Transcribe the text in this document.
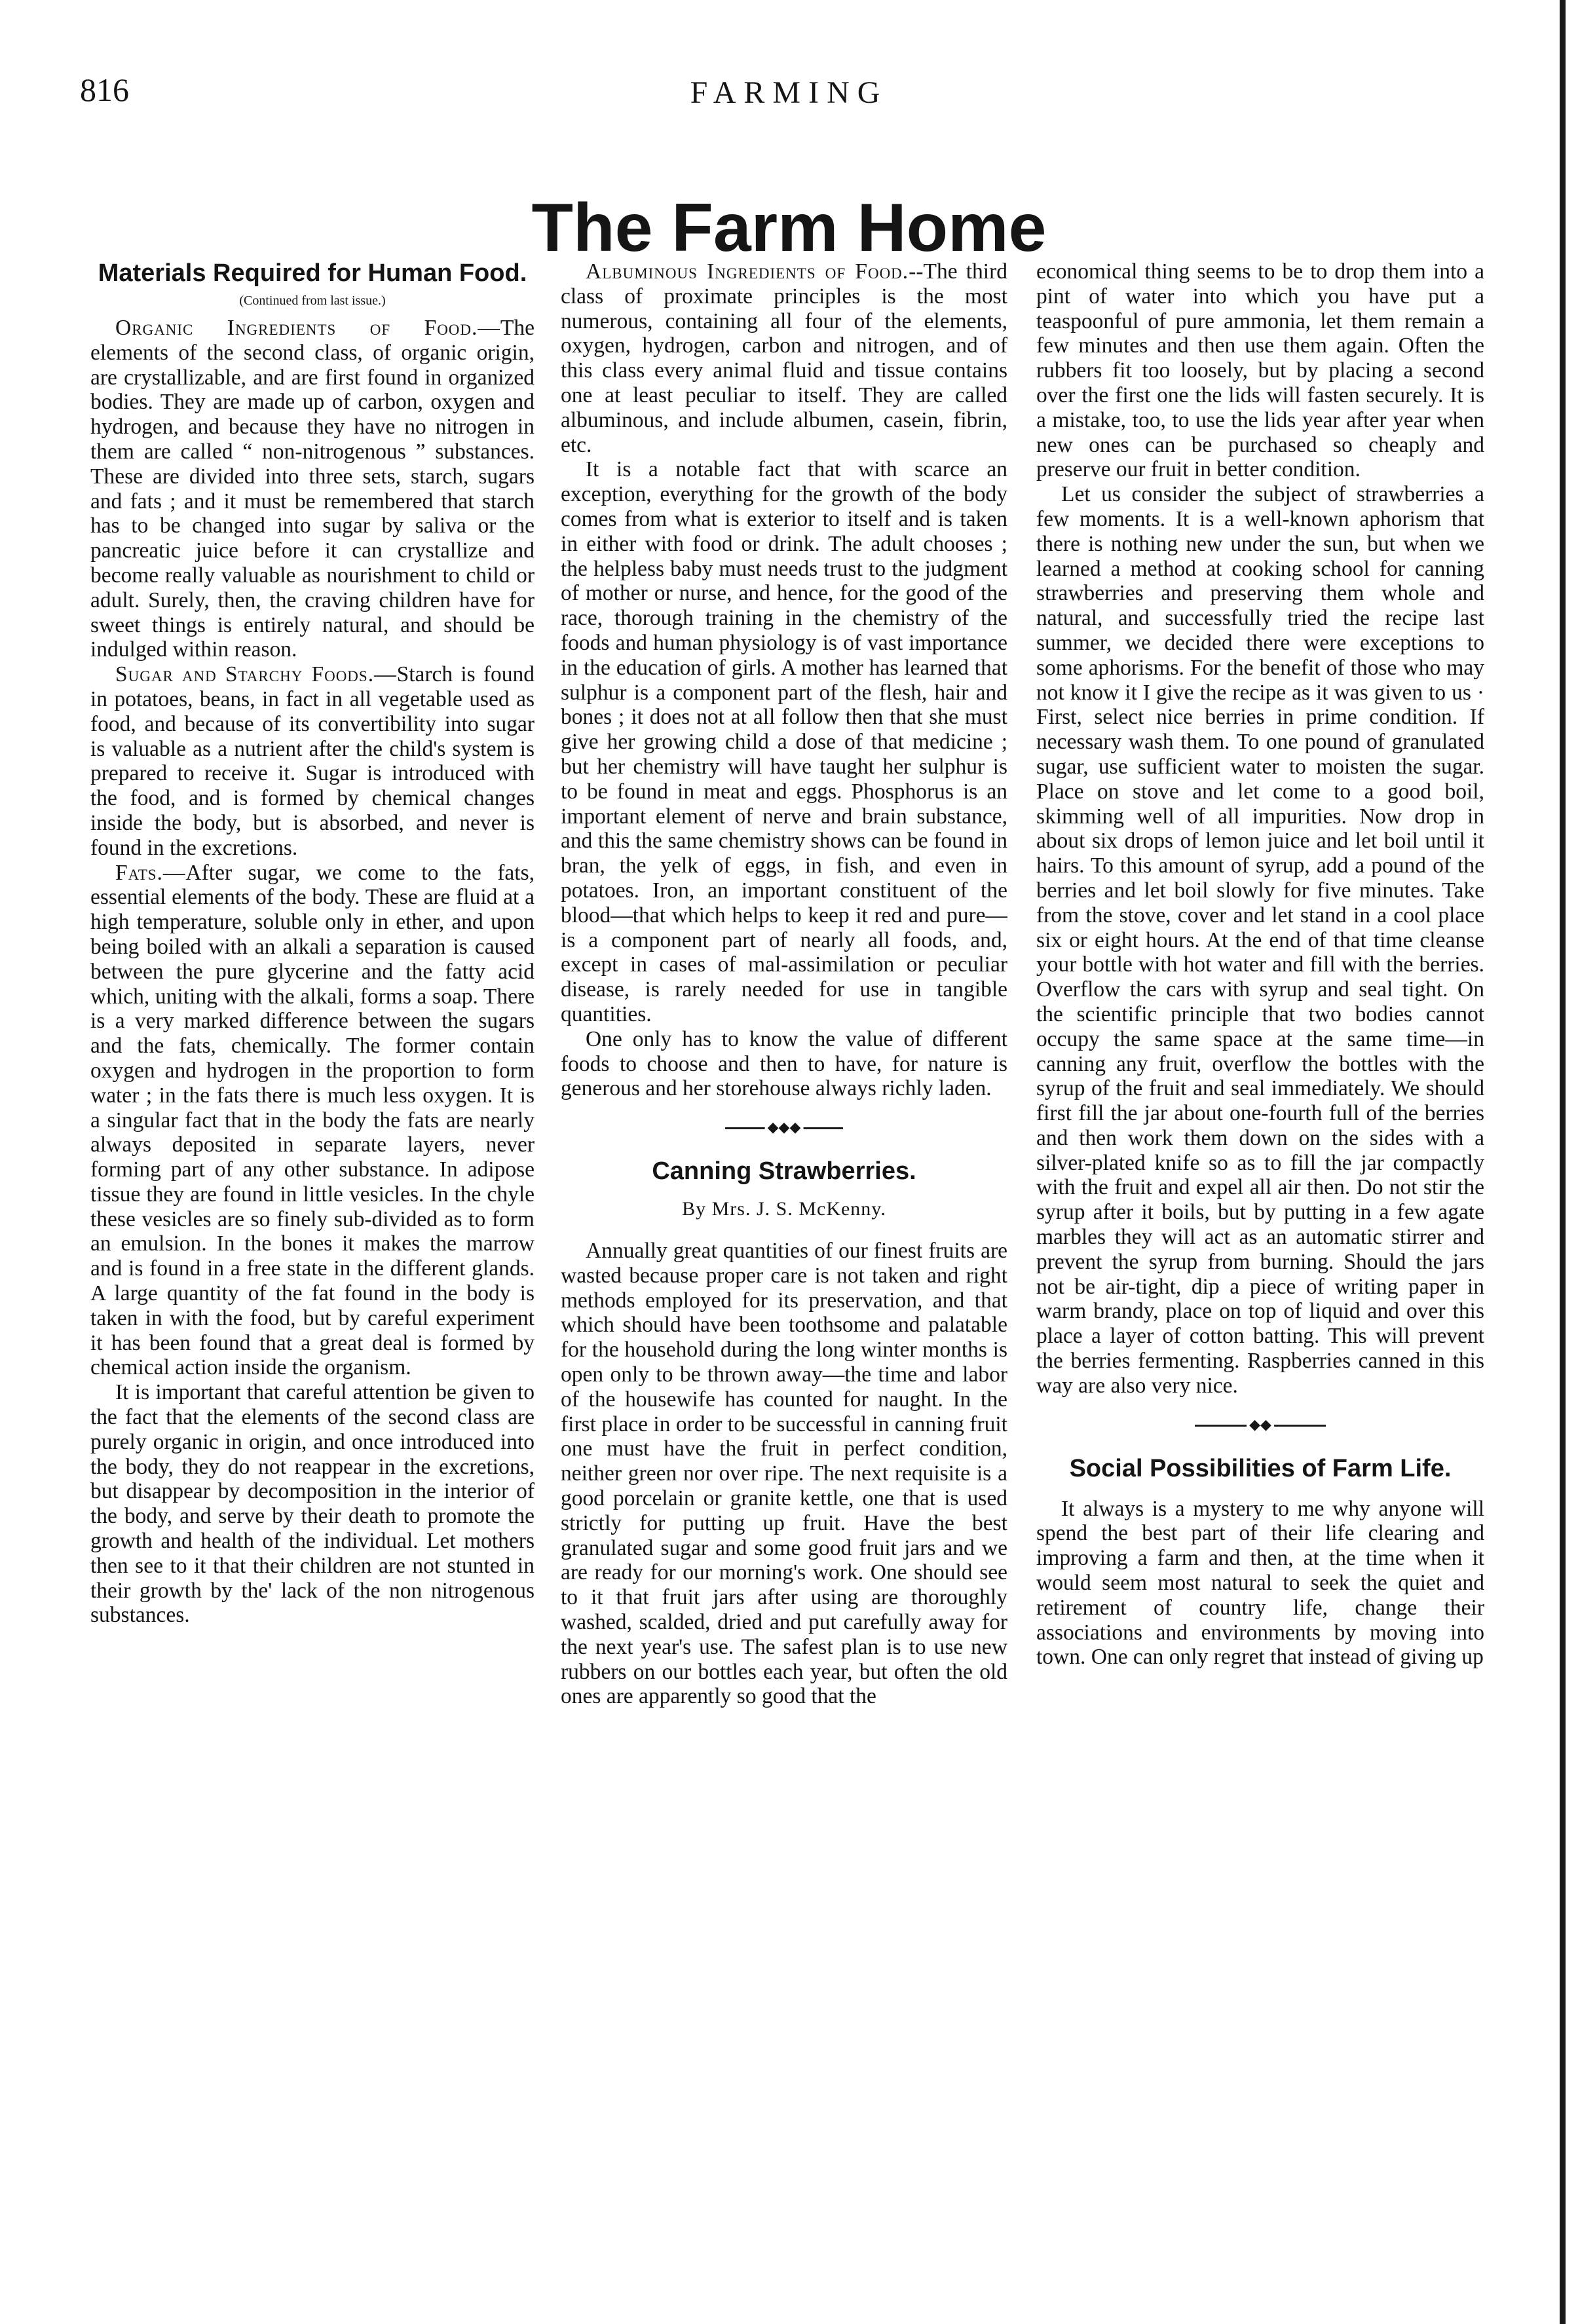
816	FARMING
The Farm Home
Materials Required for Human Food.
(Continued from last issue.)

Organic Ingredients of Food.—The elements of the second class, of organic origin, are crystallizable, and are first found in organized bodies. They are made up of carbon, oxygen and hydrogen, and because they have no nitrogen in them are called “ non-nitrogenous ” substances. These are divided into three sets, starch, sugars and fats ; and it must be remembered that starch has to be changed into sugar by saliva or the pancreatic juice before it can crystallize and become really valuable as nourishment to child or adult. Surely, then, the craving children have for sweet things is entirely natural, and should be indulged within reason.

Sugar and Starchy Foods.—Starch is found in potatoes, beans, in fact in all vegetable used as food, and because of its convertibility into sugar is valuable as a nutrient after the child's system is prepared to receive it. Sugar is introduced with the food, and is formed by chemical changes inside the body, but is absorbed, and never is found in the excretions.

Fats.—After sugar, we come to the fats, essential elements of the body. These are fluid at a high temperature, soluble only in ether, and upon being boiled with an alkali a separation is caused between the pure glycerine and the fatty acid which, uniting with the alkali, forms a soap. There is a very marked difference between the sugars and the fats, chemically. The former contain oxygen and hydrogen in the proportion to form water ; in the fats there is much less oxygen. It is a singular fact that in the body the fats are nearly always deposited in separate layers, never forming part of any other substance. In adipose tissue they are found in little vesicles. In the chyle these vesicles are so finely sub-divided as to form an emulsion. In the bones it makes the marrow and is found in a free state in the different glands. A large quantity of the fat found in the body is taken in with the food, but by careful experiment it has been found that a great deal is formed by chemical action inside the organism.

It is important that careful attention be given to the fact that the elements of the second class are purely organic in origin, and once introduced into the body, they do not reappear in the excretions, but disappear by decomposition in the interior of the body, and serve by their death to promote the growth and health of the individual. Let mothers then see to it that their children are not stunted in their growth by the' lack of the non nitrogenous substances.

Albuminous Ingredients of Food.--The third class of proximate principles is the most numerous, containing all four of the elements, oxygen, hydrogen, carbon and nitrogen, and of this class every animal fluid and tissue contains one at least peculiar to itself. They are called albuminous, and include albumen, casein, fibrin, etc.

It is a notable fact that with scarce an exception, everything for the growth of the body comes from what is exterior to itself and is taken in either with food or drink. The adult chooses ; the helpless baby must needs trust to the judgment of mother or nurse, and hence, for the good of the race, thorough training in the chemistry of the foods and human physiology is of vast importance in the education of girls. A mother has learned that sulphur is a component part of the flesh, hair and bones ; it does not at all follow then that she must give her growing child a dose of that medicine ; but her chemistry will have taught her sulphur is to be found in meat and eggs. Phosphorus is an important element of nerve and brain substance, and this the same chemistry shows can be found in bran, the yelk of eggs, in fish, and even in potatoes. Iron, an important constituent of the blood—that which helps to keep it red and pure—is a component part of nearly all foods, and, except in cases of mal-assimilation or peculiar disease, is rarely needed for use in tangible quantities.

One only has to know the value of different foods to choose and then to have, for nature is generous and her storehouse always richly laden.

◆◆◆
Canning Strawberries.
By Mrs. J. S. McKenny.

Annually great quantities of our finest fruits are wasted because proper care is not taken and right methods employed for its preservation, and that which should have been toothsome and palatable for the household during the long winter months is open only to be thrown away—the time and labor of the housewife has counted for naught. In the first place in order to be successful in canning fruit one must have the fruit in perfect condition, neither green nor over ripe. The next requisite is a good porcelain or granite kettle, one that is used strictly for putting up fruit. Have the best granulated sugar and some good fruit jars and we are ready for our morning's work. One should see to it that fruit jars after using are thoroughly washed, scalded, dried and put carefully away for the next year's use. The safest plan is to use new rubbers on our bottles each year, but often the old ones are apparently so good that the

economical thing seems to be to drop them into a pint of water into which you have put a teaspoonful of pure ammonia, let them remain a few minutes and then use them again. Often the rubbers fit too loosely, but by placing a second over the first one the lids will fasten securely. It is a mistake, too, to use the lids year after year when new ones can be purchased so cheaply and preserve our fruit in better condition.

Let us consider the subject of strawberries a few moments. It is a well-known aphorism that there is nothing new under the sun, but when we learned a method at cooking school for canning strawberries and preserving them whole and natural, and successfully tried the recipe last summer, we decided there were exceptions to some aphorisms. For the benefit of those who may not know it I give the recipe as it was given to us · First, select nice berries in prime condition. If necessary wash them. To one pound of granulated sugar, use sufficient water to moisten the sugar. Place on stove and let come to a good boil, skimming well of all impurities. Now drop in about six drops of lemon juice and let boil until it hairs. To this amount of syrup, add a pound of the berries and let boil slowly for five minutes. Take from the stove, cover and let stand in a cool place six or eight hours. At the end of that time cleanse your bottle with hot water and fill with the berries. Overflow the cars with syrup and seal tight. On the scientific principle that two bodies cannot occupy the same space at the same time—in canning any fruit, overflow the bottles with the syrup of the fruit and seal immediately. We should first fill the jar about one-fourth full of the berries and then work them down on the sides with a silver-plated knife so as to fill the jar compactly with the fruit and expel all air then. Do not stir the syrup after it boils, but by putting in a few agate marbles they will act as an automatic stirrer and prevent the syrup from burning. Should the jars not be air-tight, dip a piece of writing paper in warm brandy, place on top of liquid and over this place a layer of cotton batting. This will prevent the berries fermenting. Raspberries canned in this way are also very nice.

◆◆
Social Possibilities of Farm Life.

It always is a mystery to me why anyone will spend the best part of their life clearing and improving a farm and then, at the time when it would seem most natural to seek the quiet and retirement of country life, change their associations and environments by moving into town. One can only regret that instead of giving up
